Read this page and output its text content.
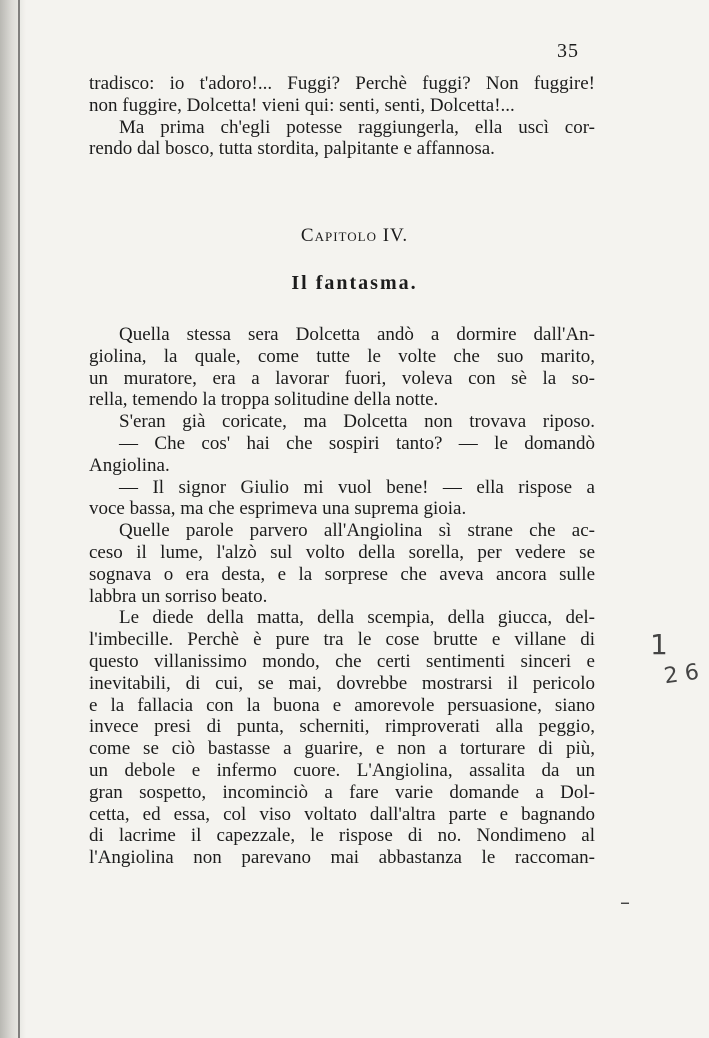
35
tradisco: io t'adoro!... Fuggi? Perchè fuggi? Non fuggire!
non fuggire, Dolcetta! vieni qui: senti, senti, Dolcetta!...
Ma prima ch'egli potesse raggiungerla, ella uscì cor-
rendo dal bosco, tutta stordita, palpitante e affannosa.
Capitolo IV.
Il fantasma.
Quella stessa sera Dolcetta andò a dormire dall'An-
giolina, la quale, come tutte le volte che suo marito,
un muratore, era a lavorar fuori, voleva con sè la so-
rella, temendo la troppa solitudine della notte.
S'eran già coricate, ma Dolcetta non trovava riposo.
— Che cos' hai che sospiri tanto? — le domandò
Angiolina.
— Il signor Giulio mi vuol bene! — ella rispose a
voce bassa, ma che esprimeva una suprema gioia.
Quelle parole parvero all'Angiolina sì strane che ac-
ceso il lume, l'alzò sul volto della sorella, per vedere se
sognava o era desta, e la sorprese che aveva ancora sulle
labbra un sorriso beato.
Le diede della matta, della scempia, della giucca, del-
l'imbecille. Perchè è pure tra le cose brutte e villane di
questo villanissimo mondo, che certi sentimenti sinceri e
inevitabili, di cui, se mai, dovrebbe mostrarsi il pericolo
e la fallacia con la buona e amorevole persuasione, siano
invece presi di punta, scherniti, rimproverati alla peggio,
come se ciò bastasse a guarire, e non a torturare di più,
un debole e infermo cuore. L'Angiolina, assalita da un
gran sospetto, incominciò a fare varie domande a Dol-
cetta, ed essa, col viso voltato dall'altra parte e bagnando
di lacrime il capezzale, le rispose di no. Nondimeno al
l'Angiolina non parevano mai abbastanza le raccoman-
1
2 6
–
